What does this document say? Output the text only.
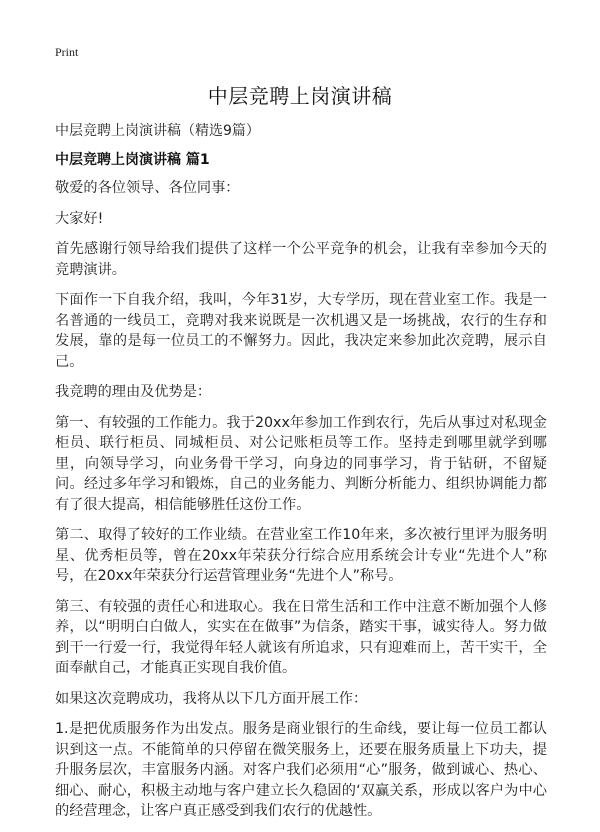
Print
中层竞聘上岗演讲稿
中层竞聘上岗演讲稿（精选9篇）
中层竞聘上岗演讲稿 篇1

敬爱的各位领导、各位同事：

大家好!

首先感谢行领导给我们提供了这样一个公平竞争的机会，让我有幸参加今天的竞聘演讲。

下面作一下自我介绍，我叫，今年31岁，大专学历，现在营业室工作。我是一名普通的一线员工，竞聘对我来说既是一次机遇又是一场挑战，农行的生存和发展，靠的是每一位员工的不懈努力。因此，我决定来参加此次竞聘，展示自己。

我竞聘的理由及优势是：

第一、有较强的工作能力。我于20xx年参加工作到农行，先后从事过对私现金柜员、联行柜员、同城柜员、对公记账柜员等工作。坚持走到哪里就学到哪里，向领导学习，向业务骨干学习，向身边的同事学习，肯于钻研，不留疑问。经过多年学习和锻炼，自己的业务能力、判断分析能力、组织协调能力都有了很大提高，相信能够胜任这份工作。

第二、取得了较好的工作业绩。在营业室工作10年来，多次被行里评为服务明星、优秀柜员等，曾在20xx年荣获分行综合应用系统会计专业“先进个人”称号，在20xx年荣获分行运营管理业务“先进个人”称号。

第三、有较强的责任心和进取心。我在日常生活和工作中注意不断加强个人修养，以“明明白白做人，实实在在做事”为信条，踏实干事，诚实待人。努力做到干一行爱一行，我觉得年轻人就该有所追求，只有迎难而上，苦干实干，全面奉献自己，才能真正实现自我价值。

如果这次竞聘成功，我将从以下几方面开展工作：

1.是把优质服务作为出发点。服务是商业银行的生命线，要让每一位员工都认识到这一点。不能简单的只停留在微笑服务上，还要在服务质量上下功夫，提升服务层次，丰富服务内涵。对客户我们必须用“心”服务，做到诚心、热心、细心、耐心，积极主动地与客户建立长久稳固的‘双赢关系，形成以客户为中心的经营理念，让客户真正感受到我们农行的优越性。
